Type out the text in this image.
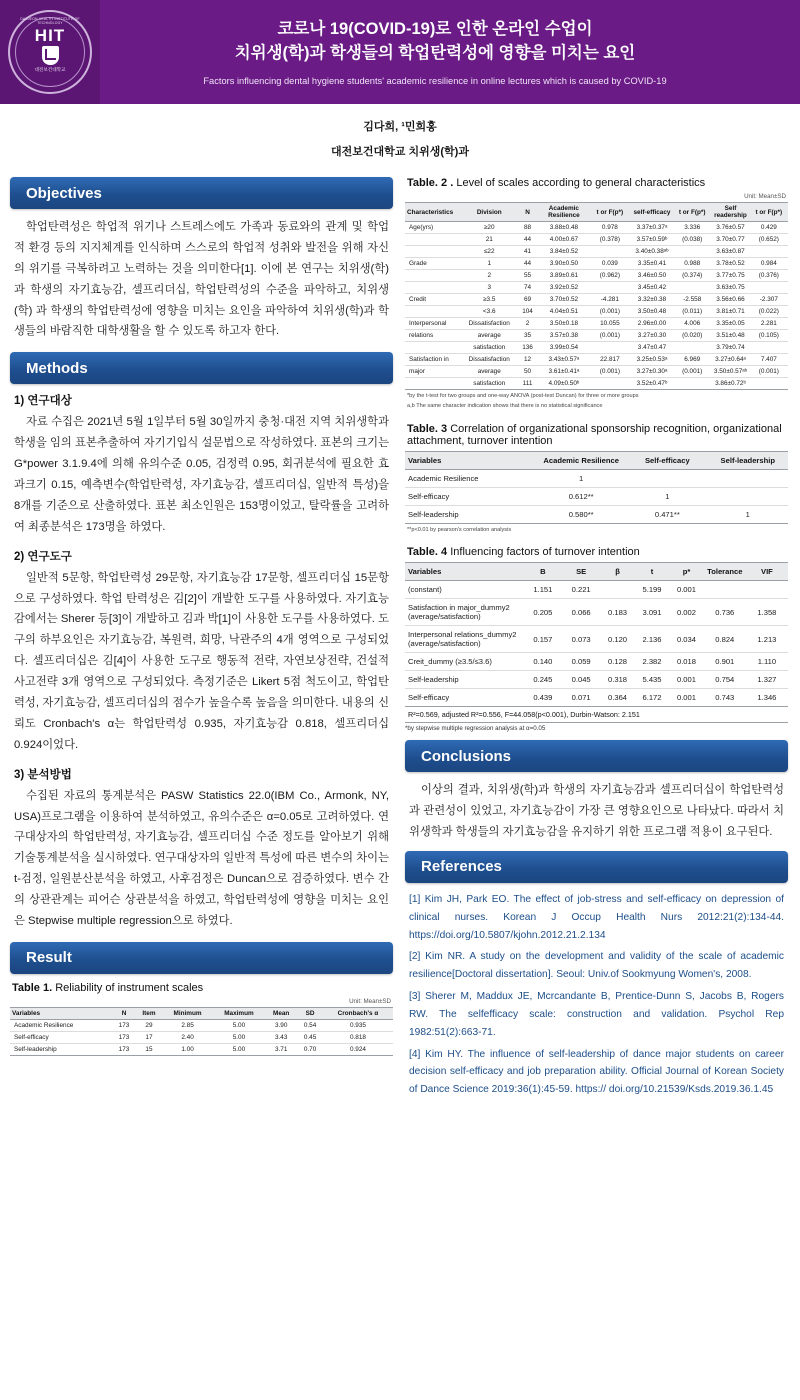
DAEJEON HEALTH INSTITUTE OF TECHNOLOGY
HIT
대전보건대학교
코로나 19(COVID-19)로 인한 온라인 수업이
치위생(학)과 학생들의 학업탄력성에 영향을 미치는 요인
Factors influencing dental hygiene students' academic resilience in online lectures which is caused by COVID-19
김다희, ¹민희홍
대전보건대학교 치위생(학)과
Objectives

학업탄력성은 학업적 위기나 스트레스에도 가족과 동료와의 관계 및 학업적 환경 등의 지지체계를 인식하며 스스로의 학업적 성취와 발전을 위해 자신의 위기를 극복하려고 노력하는 것을 의미한다[1]. 이에 본 연구는 치위생(학) 과 학생의 자기효능감, 셀프리더십, 학업탄력성의 수준을 파악하고, 치위생(학) 과 학생의 학업탄력성에 영향을 미치는 요인을 파악하여 치위생(학)과 학생들의 바람직한 대학생활을 할 수 있도록 하고자 한다.

Methods
1) 연구대상

자료 수집은 2021년 5월 1일부터 5월 30일까지 충청·대전 지역 치위생학과 학생을 임의 표본추출하여 자기기입식 설문법으로 작성하였다. 표본의 크기는 G*power 3.1.9.4에 의해 유의수준 0.05, 검정력 0.95, 회귀분석에 필요한 효과크기 0.15, 예측변수(학업탄력성, 자기효능감, 셀프리더십, 일반적 특성)을 8개를 기준으로 산출하였다. 표본 최소인원은 153명이었고, 탈락률을 고려하여 최종분석은 173명을 하였다.

2) 연구도구

일반적 5문항, 학업탄력성 29문항, 자기효능감 17문항, 셀프리더십 15문항으로 구성하였다. 학업 탄력성은 김[2]이 개발한 도구를 사용하였다. 자기효능감에서는 Sherer 등[3]이 개발하고 김과 박[1]이 사용한 도구를 사용하였다. 도구의 하부요인은 자기효능감, 복원력, 희망, 낙관주의 4개 영역으로 구성되었다. 셀프리더십은 김[4]이 사용한 도구로 행동적 전략, 자연보상전략, 건설적 사고전략 3개 영역으로 구성되었다. 측정기준은 Likert 5점 척도이고, 학업탄력성, 자기효능감, 셀프리더십의 점수가 높을수록 높음을 의미한다. 내용의 신뢰도 Cronbach's α는 학업탄력성 0.935, 자기효능감 0.818, 셀프리더십 0.924이었다.

3) 분석방법

수집된 자료의 통계분석은 PASW Statistics 22.0(IBM Co., Armonk, NY, USA)프로그램을 이용하여 분석하였고, 유의수준은 α=0.05로 고려하였다. 연구대상자의 학업탄력성, 자기효능감, 셀프리더십 수준 정도를 알아보기 위해 기술통계분석을 실시하였다. 연구대상자의 일반적 특성에 따른 변수의 차이는 t-검정, 일원분산분석을 하였고, 사후검정은 Duncan으로 검증하였다. 변수 간의 상관관계는 피어슨 상관분석을 하였고, 학업탄력성에 영향을 미치는 요인은 Stepwise multiple regression으로 하였다.

Result
Table 1. Reliability of instrument scales
Unit: Mean±SD
Variables	N	Item	Minimum	Maximum	Mean	SD	Cronbach's α
Academic Resilience	173	29	2.85	5.00	3.90	0.54	0.935
Self-efficacy	173	17	2.40	5.00	3.43	0.45	0.818
Self-leadership	173	15	1.00	5.00	3.71	0.70	0.924
Table. 2 . Level of scales according to general characteristics
Unit: Mean±SD
Characteristics	Division	N	Academic Resilience	t or F(p*)	self-efficacy	t or F(p*)	Self readership	t or F(p*)
Age(yrs)	≥20	88	3.88±0.48	0.978	3.37±0.37ᵃ	3.336	3.76±0.57	0.429
	21	44	4.00±0.67	(0.378)	3.57±0.59ᵇ	(0.038)	3.70±0.77	(0.652)
	≤22	41	3.84±0.52		3.40±0.38ᵃᵇ		3.63±0.87	
Grade	1	44	3.90±0.50	0.039	3.35±0.41	0.988	3.78±0.52	0.984
	2	55	3.89±0.61	(0.962)	3.46±0.50	(0.374)	3.77±0.75	(0.376)
	3	74	3.92±0.52		3.45±0.42		3.63±0.75	
Credit	≥3.5	69	3.70±0.52	-4.281	3.32±0.38	-2.558	3.56±0.66	-2.307
	<3.6	104	4.04±0.51	(0.001)	3.50±0.48	(0.011)	3.81±0.71	(0.022)
Interpersonal	Dissatisfaction	2	3.50±0.18	10.055	2.96±0.00	4.006	3.35±0.05	2.281
relations	average	35	3.57±0.38	(0.001)	3.27±0.30	(0.020)	3.51±0.48	(0.105)
	satisfaction	136	3.99±0.54		3.47±0.47		3.79±0.74	
Satisfaction in	Dissatisfaction	12	3.43±0.57ᵃ	22.817	3.25±0.53ᵃ	6.969	3.27±0.64ᵃ	7.407
major	average	50	3.61±0.41ᵃ	(0.001)	3.27±0.30ᵃ	(0.001)	3.50±0.57ᵃᵇ	(0.001)
	satisfaction	111	4.09±0.50ᵇ		3.52±0.47ᵇ		3.86±0.72ᵇ	
*by the t-test for two groups and one-way ANOVA (post-test Duncan) for three or more groups
a,b The same character indication shows that there is no statistical significance
Table. 3 Correlation of organizational sponsorship recognition, organizational attachment, turnover intention
Variables	Academic Resilience	Self-efficacy	Self-leadership
Academic Resilience	1		
Self-efficacy	0.612**	1	
Self-leadership	0.580**	0.471**	1
**p<0.01 by pearson's correlation analysis
Table. 4 Influencing factors of turnover intention
Variables	B	SE	β	t	p*	Tolerance	VIF
(constant)	1.151	0.221		5.199	0.001		
Satisfaction in major_dummy2 (average/satisfaction)	0.205	0.066	0.183	3.091	0.002	0.736	1.358
Interpersonal relations_dummy2 (average/satisfaction)	0.157	0.073	0.120	2.136	0.034	0.824	1.213
Creit_dummy (≥3.5/≤3.6)	0.140	0.059	0.128	2.382	0.018	0.901	1.110
Self-leadership	0.245	0.045	0.318	5.435	0.001	0.754	1.327
Self-efficacy	0.439	0.071	0.364	6.172	0.001	0.743	1.346
R²=0.569, adjusted R²=0.556, F=44.058(p<0.001), Durbin-Watson: 2.151
*by stepwise multiple regression analysis at α=0.05
Conclusions

이상의 결과, 치위생(학)과 학생의 자기효능감과 셀프리더십이 학업탄력성과 관련성이 있었고, 자기효능감이 가장 큰 영향요인으로 나타났다. 따라서 치위생학과 학생들의 자기효능감을 유지하기 위한 프로그램 적용이 요구된다.

References
[1] Kim JH, Park EO. The effect of job-stress and self-efficacy on depression of clinical nurses. Korean J Occup Health Nurs 2012:21(2):134-44. https://doi.org/10.5807/kjohn.2012.21.2.134
[2] Kim NR. A study on the development and validity of the scale of academic resilience[Doctoral dissertation]. Seoul: Univ.of Sookmyung Women's, 2008.
[3] Sherer M, Maddux JE, Mcrcandante B, Prentice-Dunn S, Jacobs B, Rogers RW. The selfefficacy scale: construction and validation. Psychol Rep 1982:51(2):663-71.
[4] Kim HY. The influence of self-leadership of dance major students on career decision self-efficacy and job preparation ability. Official Journal of Korean Society of Dance Science 2019:36(1):45-59. https:// doi.org/10.21539/Ksds.2019.36.1.45
